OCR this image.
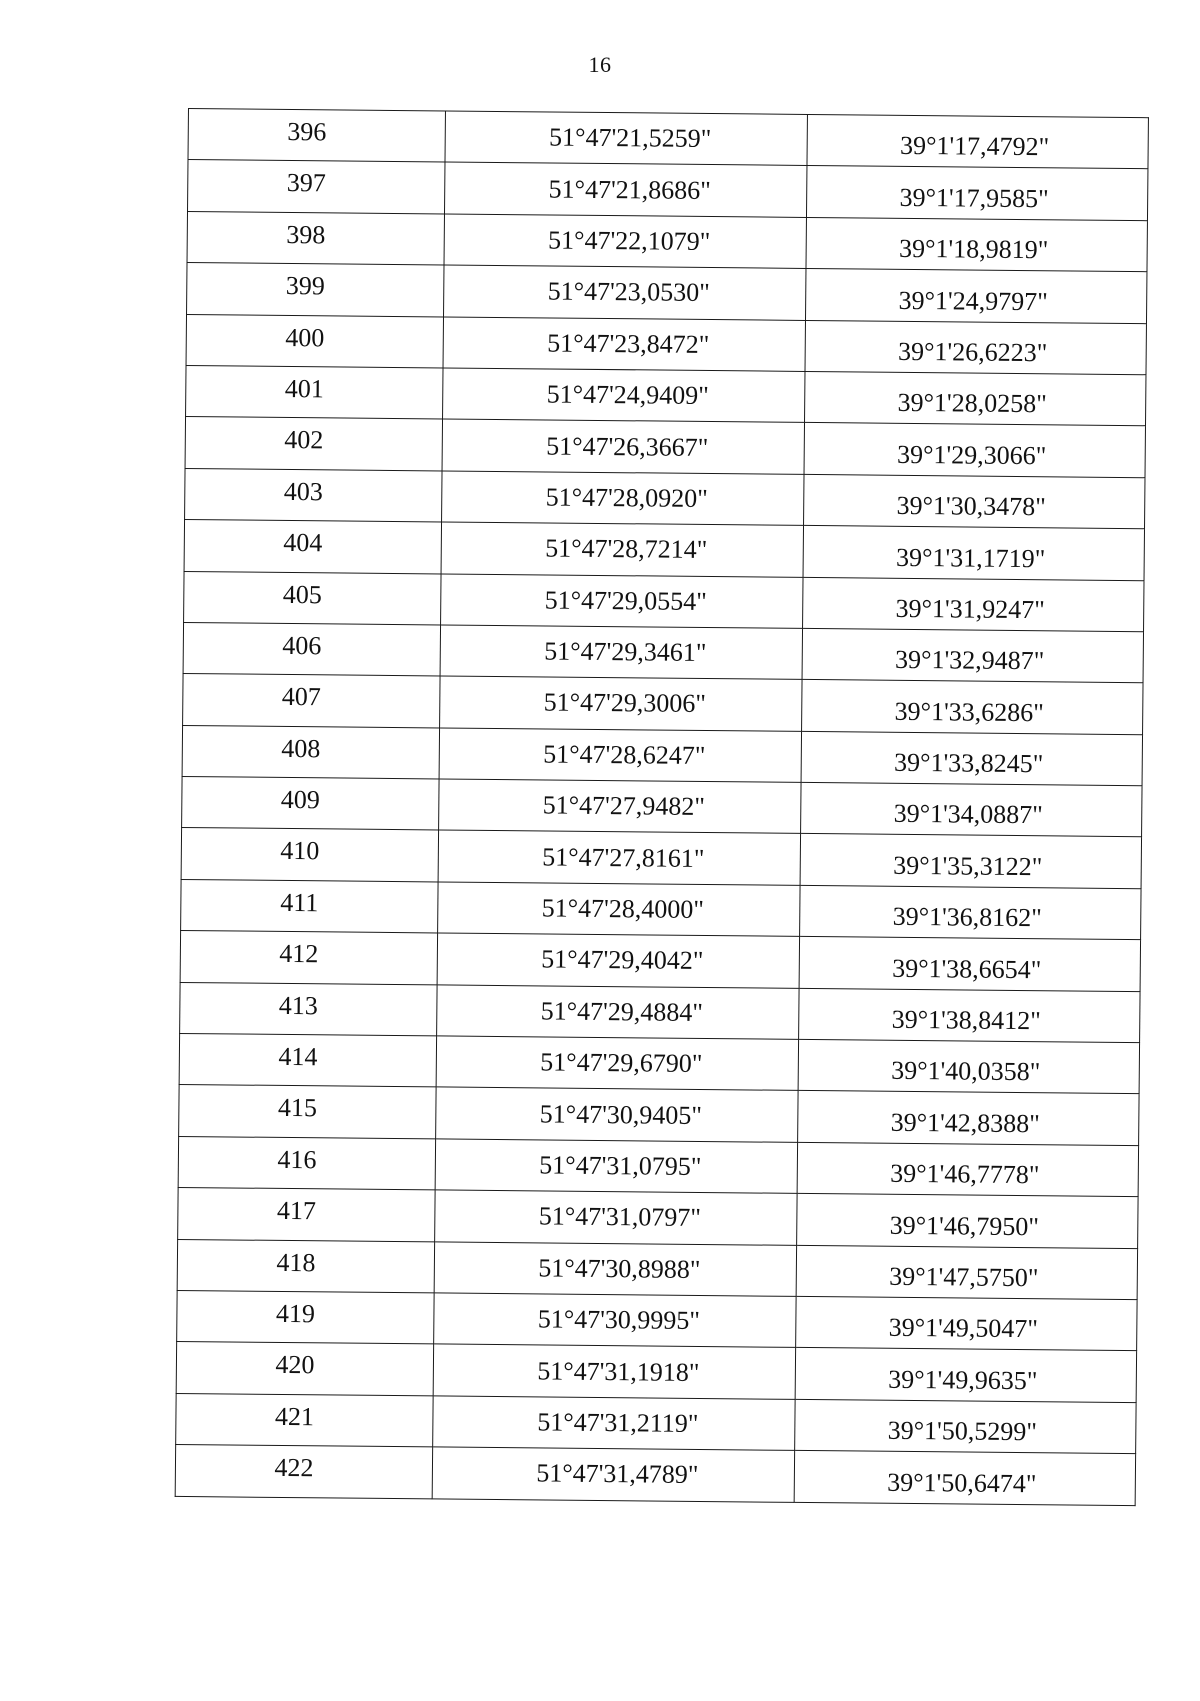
16
396	51°47'21,5259"	39°1'17,4792"
397	51°47'21,8686"	39°1'17,9585"
398	51°47'22,1079"	39°1'18,9819"
399	51°47'23,0530"	39°1'24,9797"
400	51°47'23,8472"	39°1'26,6223"
401	51°47'24,9409"	39°1'28,0258"
402	51°47'26,3667"	39°1'29,3066"
403	51°47'28,0920"	39°1'30,3478"
404	51°47'28,7214"	39°1'31,1719"
405	51°47'29,0554"	39°1'31,9247"
406	51°47'29,3461"	39°1'32,9487"
407	51°47'29,3006"	39°1'33,6286"
408	51°47'28,6247"	39°1'33,8245"
409	51°47'27,9482"	39°1'34,0887"
410	51°47'27,8161"	39°1'35,3122"
411	51°47'28,4000"	39°1'36,8162"
412	51°47'29,4042"	39°1'38,6654"
413	51°47'29,4884"	39°1'38,8412"
414	51°47'29,6790"	39°1'40,0358"
415	51°47'30,9405"	39°1'42,8388"
416	51°47'31,0795"	39°1'46,7778"
417	51°47'31,0797"	39°1'46,7950"
418	51°47'30,8988"	39°1'47,5750"
419	51°47'30,9995"	39°1'49,5047"
420	51°47'31,1918"	39°1'49,9635"
421	51°47'31,2119"	39°1'50,5299"
422	51°47'31,4789"	39°1'50,6474"
